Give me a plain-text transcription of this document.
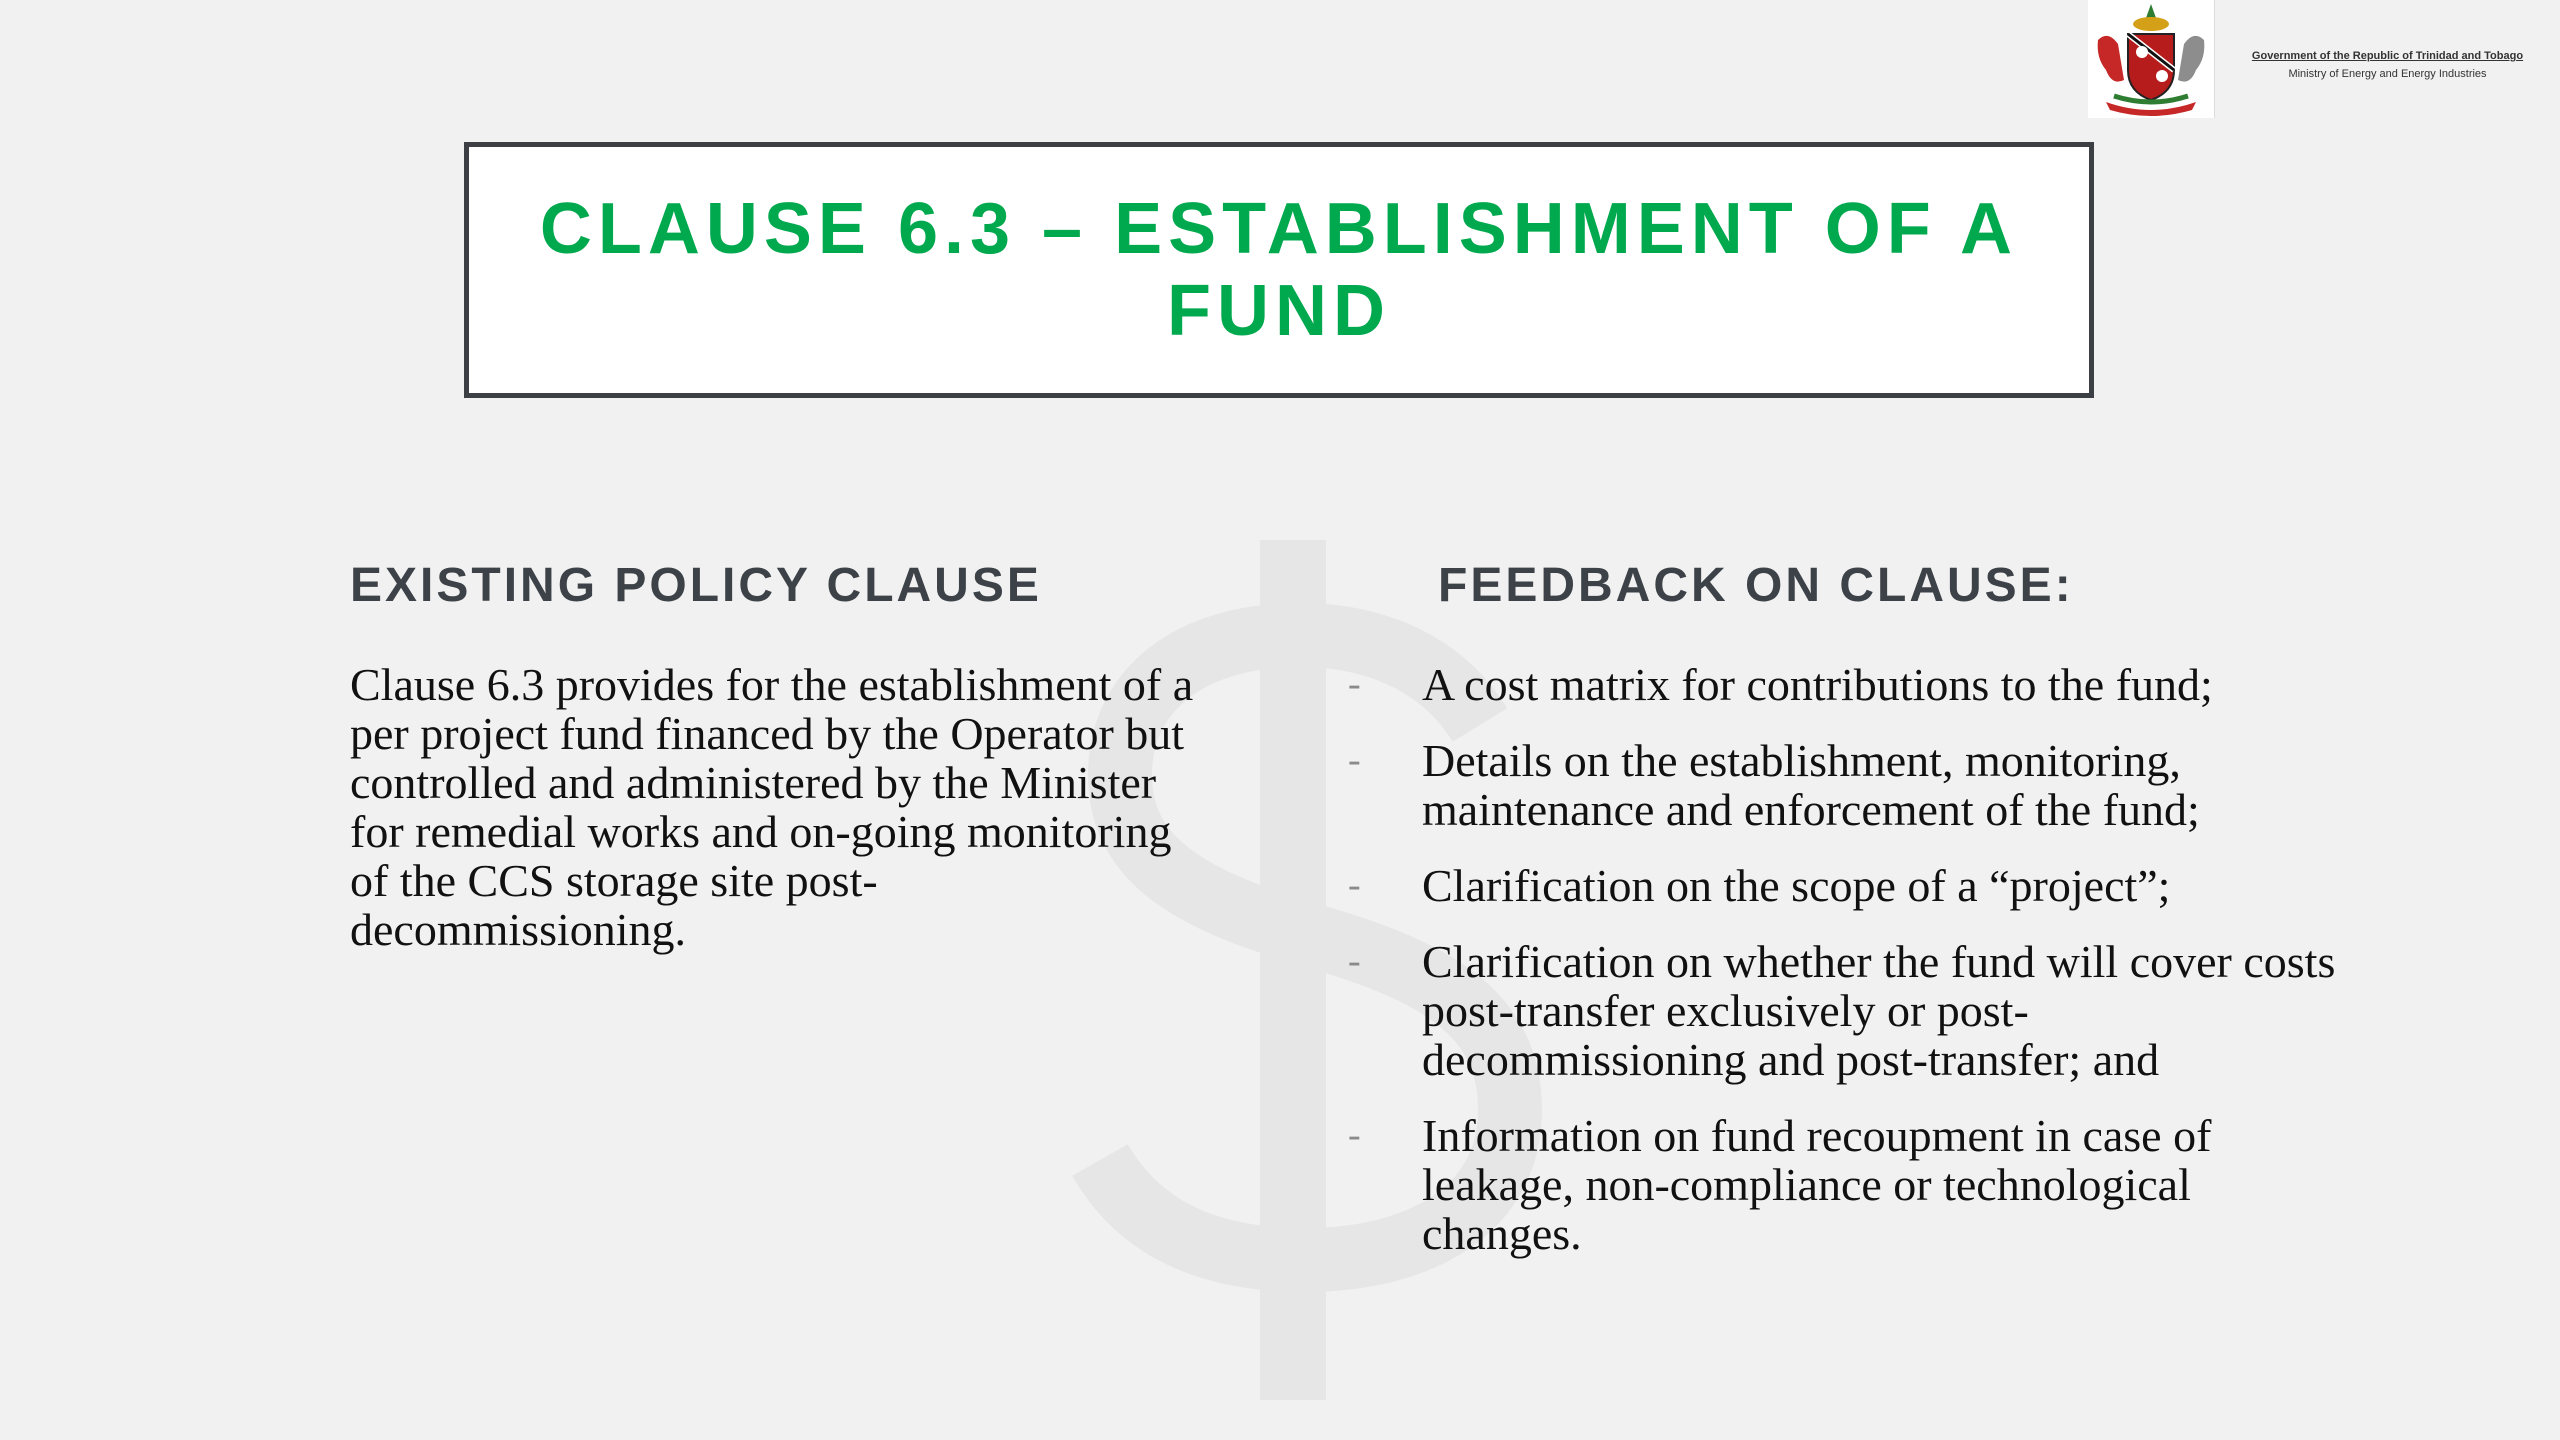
Government of the Republic of Trinidad and Tobago
Ministry of Energy and Energy Industries
CLAUSE 6.3 – ESTABLISHMENT OF A FUND
EXISTING POLICY CLAUSE	FEEDBACK ON CLAUSE:

Clause 6.3 provides for the establishment of a per project fund financed by the Operator but controlled and administered by the Minister for remedial works and on-going monitoring of the CCS storage site post-decommissioning.

- A cost matrix for contributions to the fund;
- Details on the establishment, monitoring, maintenance and enforcement of the fund;
- Clarification on the scope of a “project”;
- Clarification on whether the fund will cover costs post-transfer exclusively or post-decommissioning and post-transfer; and
- Information on fund recoupment in case of leakage, non-compliance or technological changes.
